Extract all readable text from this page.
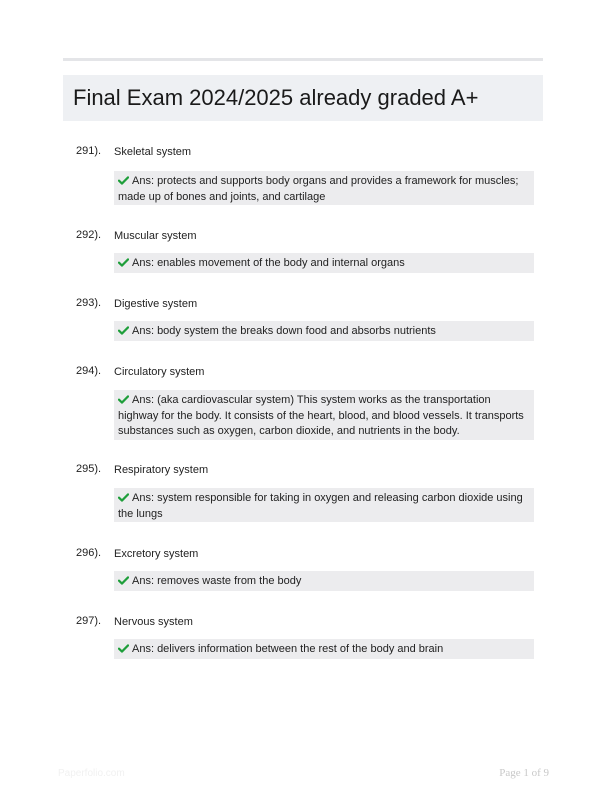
Final Exam 2024/2025 already graded A+
291). Skeletal system
Ans: protects and supports body organs and provides a framework for muscles; made up of bones and joints, and cartilage
292). Muscular system
Ans: enables movement of the body and internal organs
293). Digestive system
Ans: body system the breaks down food and absorbs nutrients
294). Circulatory system
Ans: (aka cardiovascular system) This system works as the transportation highway for the body. It consists of the heart, blood, and blood vessels. It transports substances such as oxygen, carbon dioxide, and nutrients in the body.
295). Respiratory system
Ans: system responsible for taking in oxygen and releasing carbon dioxide using the lungs
296). Excretory system
Ans: removes waste from the body
297). Nervous system
Ans: delivers information between the rest of the body and brain
Paperfolio.com	Page 1 of 9
